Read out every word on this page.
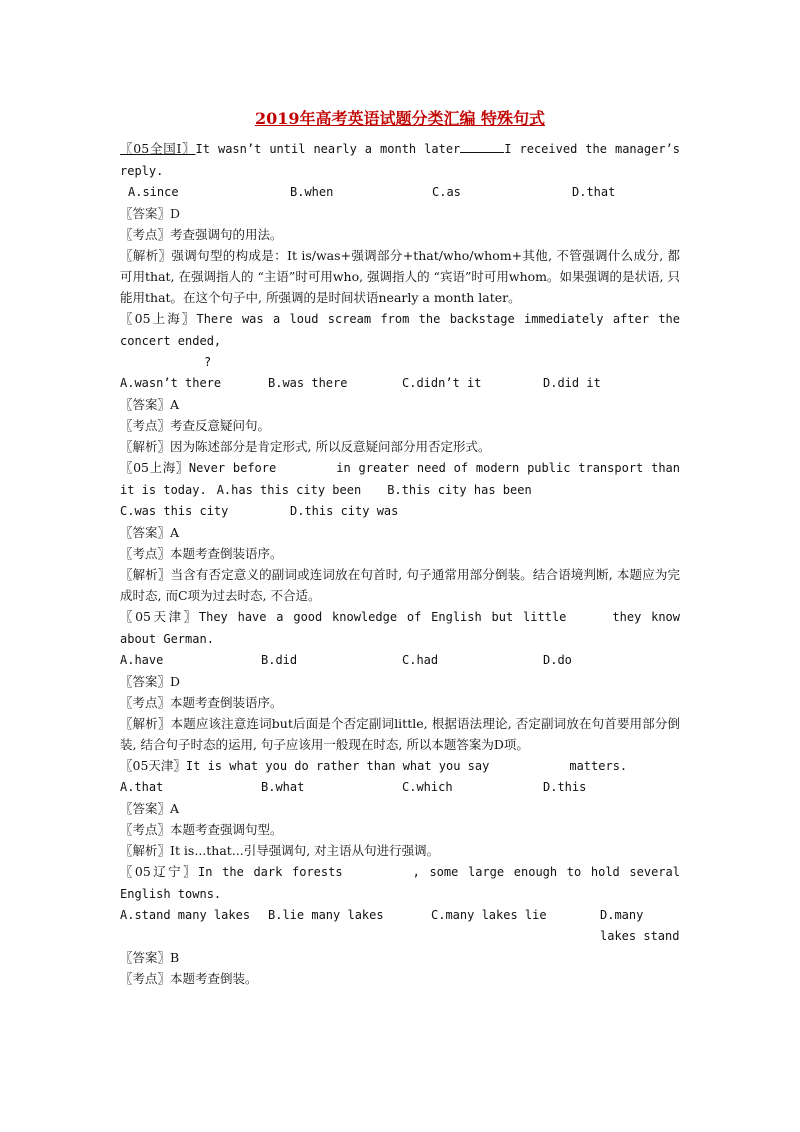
2019年高考英语试题分类汇编 特殊句式

〖05全国Ⅰ〗It wasn’t until nearly a month later	I received the manager’s reply.

A.since	B.when	C.as	D.that

〖答案〗D

〖考点〗考查强调句的用法。

〖解析〗强调句型的构成是：It is/was+强调部分+that/who/whom+其他, 不管强调什么成分, 都可用that, 在强调指人的 “主语”时可用who, 强调指人的 “宾语”时可用whom。如果强调的是状语, 只能用that。在这个句子中, 所强调的是时间状语nearly a month later。

〖05上海〗There was a loud scream from the backstage immediately after the concert ended,

?

A.wasn’t there	B.was there	C.didn’t it	D.did it

〖答案〗A

〖考点〗考查反意疑问句。

〖解析〗因为陈述部分是肯定形式, 所以反意疑问部分用否定形式。

〖05上海〗Never before	in greater need of modern public transport than it is today. A.has this city been B.this city has been

C.was this city	D.this city was

〖答案〗A

〖考点〗本题考查倒装语序。

〖解析〗当含有否定意义的副词或连词放在句首时, 句子通常用部分倒装。结合语境判断, 本题应为完成时态, 而C项为过去时态, 不合适。

〖05天津〗They have a good knowledge of English but little	they know about German.

A.have	B.did	C.had	D.do

〖答案〗D

〖考点〗本题考查倒装语序。

〖解析〗本题应该注意连词but后面是个否定副词little, 根据语法理论, 否定副词放在句首要用部分倒装, 结合句子时态的运用, 句子应该用一般现在时态, 所以本题答案为D项。

〖05天津〗It is what you do rather than what you say	matters.

A.that	B.what	C.which	D.this

〖答案〗A

〖考点〗本题考查强调句型。

〖解析〗It is...that...引导强调句, 对主语从句进行强调。

〖05辽宁〗In the dark forests	, some large enough to hold several English towns.

A.stand many lakes	B.lie many lakes	C.many lakes lie	D.many lakes stand

〖答案〗B

〖考点〗本题考查倒装。
